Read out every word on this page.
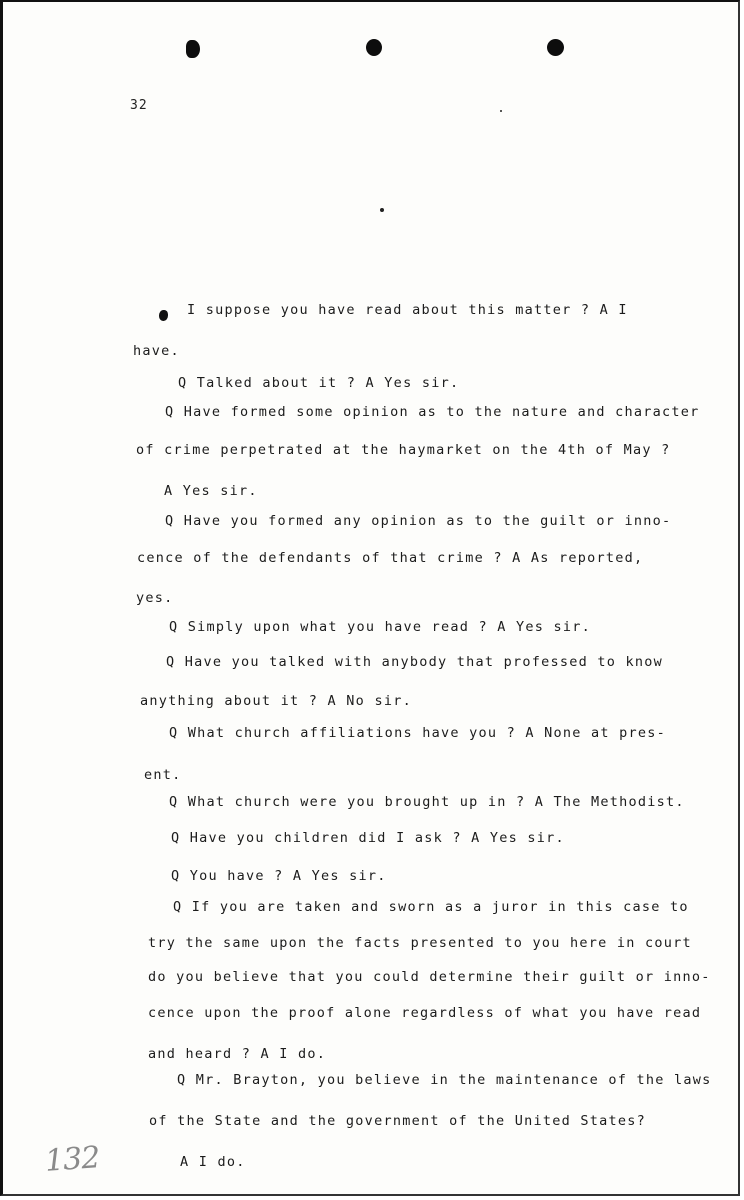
32
I suppose you have read about this matter ? A I
have.
Q Talked about it ? A Yes sir.
Q Have formed some opinion as to the nature and character
of crime perpetrated at the haymarket on the 4th of May ?
A Yes sir.
Q Have you formed any opinion as to the guilt or inno-
cence of the defendants of that crime ? A As reported,
yes.
Q Simply upon what you have read ? A Yes sir.
Q Have you talked with anybody that professed to know
anything about it ? A No sir.
Q What church affiliations have you ? A None at pres-
ent.
Q What church were you brought up in ? A The Methodist.
Q Have you children did I ask ? A Yes sir.
Q You have ? A Yes sir.
Q If you are taken and sworn as a juror in this case to
try the same upon the facts presented to you here in court
do you believe that you could determine their guilt or inno-
cence upon the proof alone regardless of what you have read
and heard ? A I do.
Q Mr. Brayton, you believe in the maintenance of the laws
of the State and the government of the United States?
A I do.
132
